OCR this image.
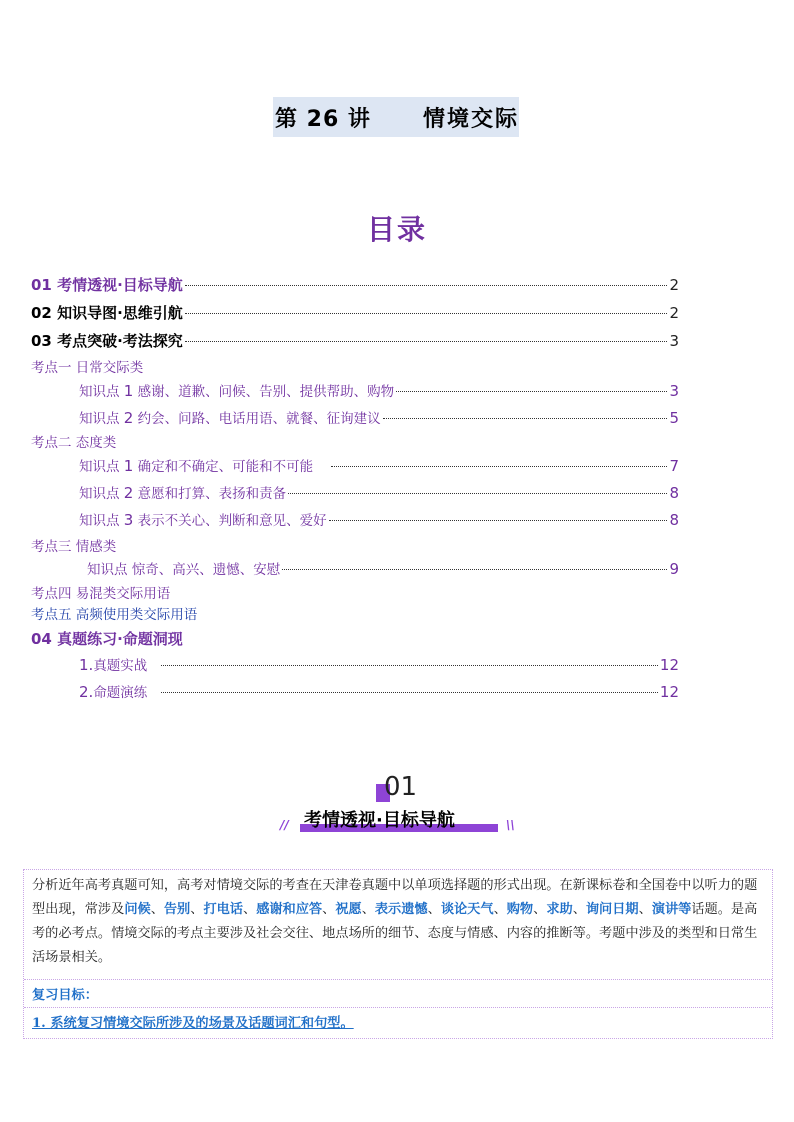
第 26 讲 情境交际
目录
01 考情透视·目标导航	2
02 知识导图·思维引航	2
03 考点突破·考法探究	3
考点一 日常交际类
知识点 1 感谢、道歉、问候、告别、提供帮助、购物	3
知识点 2 约会、问路、电话用语、就餐、征询建议	5
考点二 态度类
知识点 1 确定和不确定、可能和不可能	7
知识点 2 意愿和打算、表扬和责备	8
知识点 3 表示不关心、判断和意见、爱好	8
考点三 情感类
知识点 惊奇、高兴、遗憾、安慰	9
考点四 易混类交际用语
考点五 高频使用类交际用语
04 真题练习·命题洞现
1.真题实战	12
2.命题演练	12
01
// 考情透视·目标导航	\\
分析近年高考真题可知，高考对情境交际的考查在天津卷真题中以单项选择题的形式出现。在新课标卷和全国卷中以听力的题型出现，常涉及问候、告别、打电话、感谢和应答、祝愿、表示遗憾、谈论天气、购物、求助、询问日期、演讲等话题。是高考的必考点。情境交际的考点主要涉及社会交往、地点场所的细节、态度与情感、内容的推断等。考题中涉及的类型和日常生活场景相关。
复习目标：
1. 系统复习情境交际所涉及的场景及话题词汇和句型。
